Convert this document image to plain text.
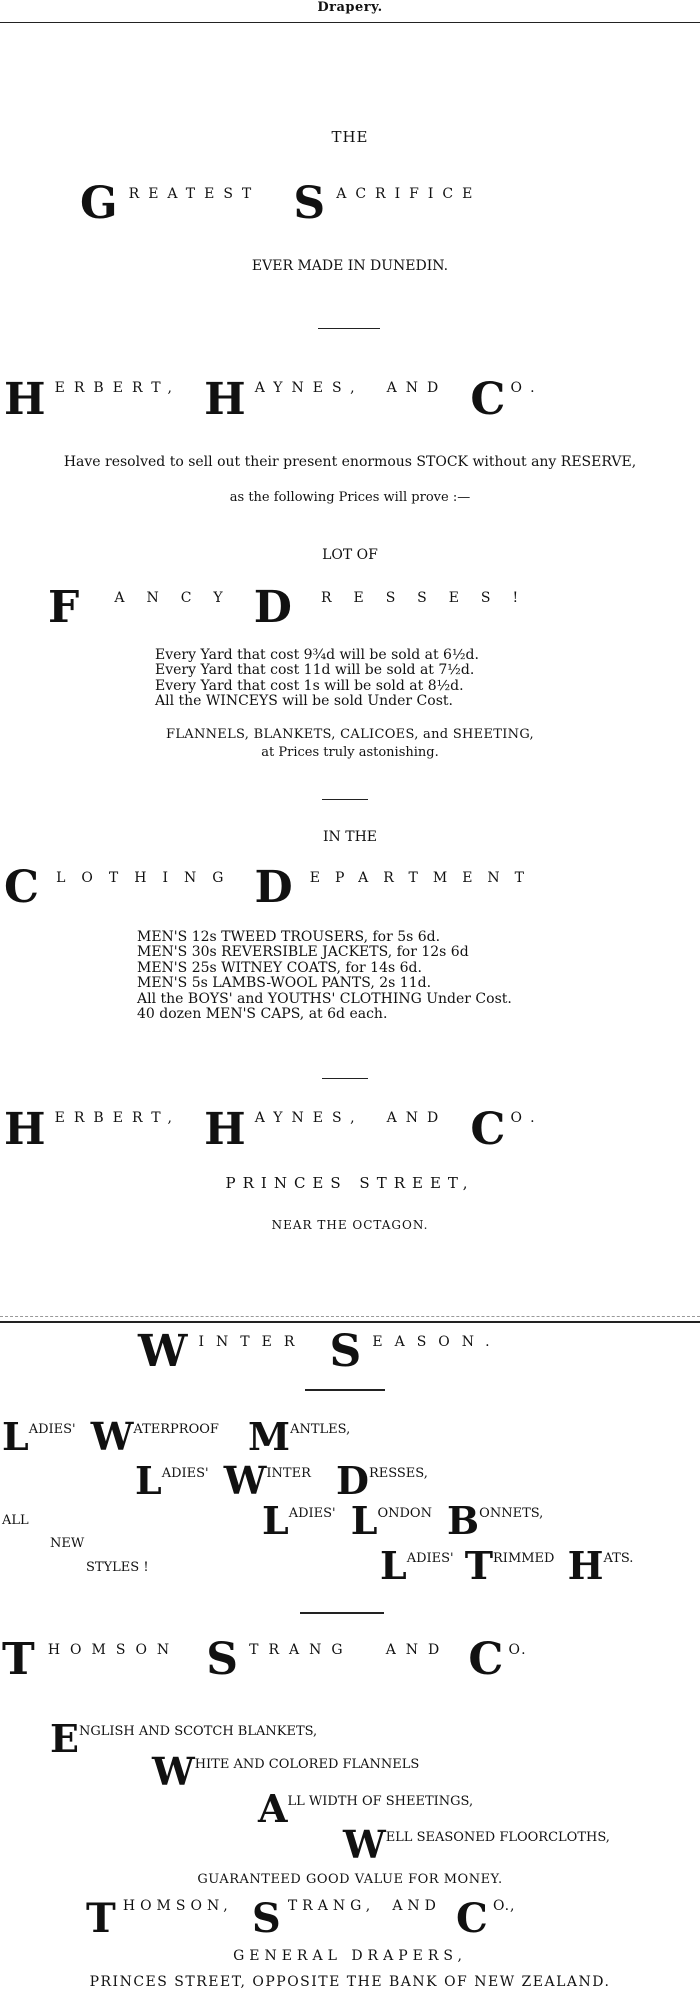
Drapery.
THE
G REATEST S ACRIFICE
EVER MADE IN DUNEDIN.
H ERBERT, H AYNES, AND C O.
Have resolved to sell out their present enormous STOCK without any RESERVE,
as the following Prices will prove :—
LOT OF
F	ANCY D RESSES!
Every Yard that cost 9¾d will be sold at 6½d.
Every Yard that cost 11d will be sold at 7½d.
Every Yard that cost 1s will be sold at 8½d.
All the WINCEYS will be sold Under Cost.
FLANNELS, BLANKETS, CALICOES, and SHEETING,
at Prices truly astonishing.
IN THE
C LOTHING D EPARTMENT
MEN'S 12s TWEED TROUSERS, for 5s 6d.
MEN'S 30s REVERSIBLE JACKETS, for 12s 6d
MEN'S 25s WITNEY COATS, for 14s 6d.
MEN'S 5s LAMBS-WOOL PANTS, 2s 11d.
All the BOYS' and YOUTHS' CLOTHING Under Cost.
40 dozen MEN'S CAPS, at 6d each.
H ERBERT, H AYNES, AND C O.
PRINCES STREET,
NEAR THE OCTAGON.
W INTER S EASON.
$L^{ADIES'}$ $W^{ATERPROOF}$ $M^{ANTLES,}$
$L^{ADIES'}$ $W^{INTER}$ $D^{RESSES,}$
ALL
NEW
STYLES !
$L^{ADIES'}$ $L^{ONDON}$ $B^{ONNETS,}$
$L^{ADIES'}$ $T^{RIMMED}$ $H^{ATS.}$
T HOMSON S TRANG AND C O.
$E^{NGLISH AND SCOTCH BLANKETS,}$
$W^{HITE AND COLORED FLANNELS}$
$A^{LL WIDTH OF SHEETINGS,}$
$W^{ELL SEASONED FLOORCLOTHS,}$
GUARANTEED GOOD VALUE FOR MONEY.
T HOMSON, S TRANG, AND C O.,
GENERAL DRAPERS,
PRINCES STREET, OPPOSITE THE BANK OF NEW ZEALAND.
